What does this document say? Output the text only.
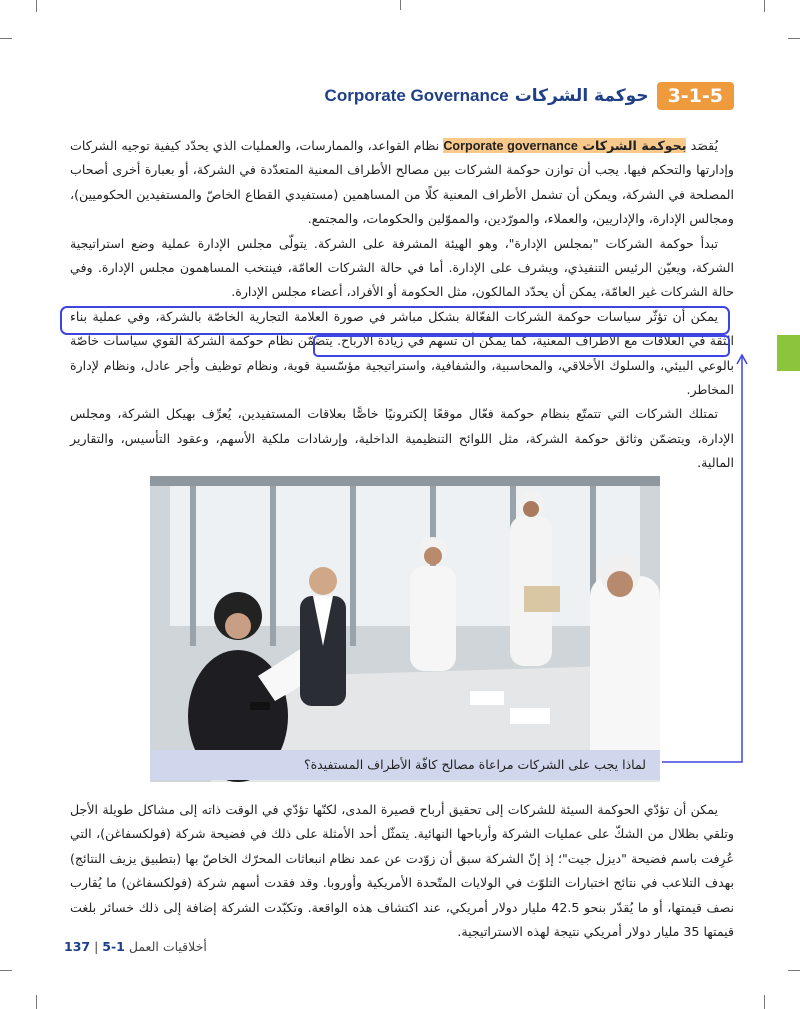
3-1-5
حوكمة الشركات Corporate Governance

يُقصَد بحوكمة الشركات Corporate governance نظام القواعد، والممارسات، والعمليات الذي يحدّد كيفية توجيه الشركات وإدارتها والتحكم فيها. يجب أن توازن حوكمة الشركات بين مصالح الأطراف المعنية المتعدّدة في الشركة، أو بعبارة أخرى أصحاب المصلحة في الشركة، ويمكن أن تشمل الأطراف المعنية كلًا من المساهمين (مستفيدي القطاع الخاصّ والمستفيدين الحكوميين)، ومجالس الإدارة، والإداريين، والعملاء، والمورّدين، والمموّلين والحكومات، والمجتمع.

تبدأ حوكمة الشركات "بمجلس الإدارة"، وهو الهيئة المشرفة على الشركة. يتولّى مجلس الإدارة عملية وضع استراتيجية الشركة، ويعيّن الرئيس التنفيذي، ويشرف على الإدارة. أما في حالة الشركات العامّة، فينتخب المساهمون مجلس الإدارة. وفي حالة الشركات غير العامّة، يمكن أن يحدّد المالكون، مثل الحكومة أو الأفراد، أعضاء مجلس الإدارة.

يمكن أن تؤثّر سياسات حوكمة الشركات الفعّالة بشكل مباشر في صورة العلامة التجارية الخاصّة بالشركة، وفي عملية بناء الثقة في العلاقات مع الأطراف المعنية، كما يمكن أن تسهم في زيادة الأرباح. يتضمّن نظام حوكمة الشركة القوي سياسات خاصّة بالوعي البيئي، والسلوك الأخلاقي، والمحاسبية، والشفافية، واستراتيجية مؤسّسية قوية، ونظام توظيف وأجر عادل، ونظام لإدارة المخاطر.

تمتلك الشركات التي تتمتّع بنظام حوكمة فعّال موقعًا إلكترونيًا خاصًّا بعلاقات المستفيدين، يُعرِّف بهيكل الشركة، ومجلس الإدارة، ويتضمّن وثائق حوكمة الشركة، مثل اللوائح التنظيمية الداخلية، وإرشادات ملكية الأسهم، وعقود التأسيس، والتقارير المالية.

لماذا يجب على الشركات مراعاة مصالح كافّة الأطراف المستفيدة؟

يمكن أن تؤدّي الحوكمة السيئة للشركات إلى تحقيق أرباح قصيرة المدى، لكنّها تؤدّي في الوقت ذاته إلى مشاكل طويلة الأجل وتلقي بظلال من الشكّ على عمليات الشركة وأرباحها النهائية. يتمثّل أحد الأمثلة على ذلك في فضيحة شركة (فولكسفاغن)، التي عُرِفت باسم فضيحة "ديزل جيت"؛ إذ إنّ الشركة سبق أن زوّدت عن عمد نظام انبعاثات المحرّك الخاصّ بها (بتطبيق يزيف النتائج) بهدف التلاعب في نتائج اختبارات التلوّث في الولايات المتّحدة الأمريكية وأوروبا. وقد فقدت أسهم شركة (فولكسفاغن) ما يُقارب نصف قيمتها، أو ما يُقدّر بنحو 42.5 مليار دولار أمريكي، عند اكتشاف هذه الواقعة. وتكبّدت الشركة إضافة إلى ذلك خسائر بلغت قيمتها 35 مليار دولار أمريكي نتيجة لهذه الاستراتيجية.

137 | أخلاقيات العمل 1-5
